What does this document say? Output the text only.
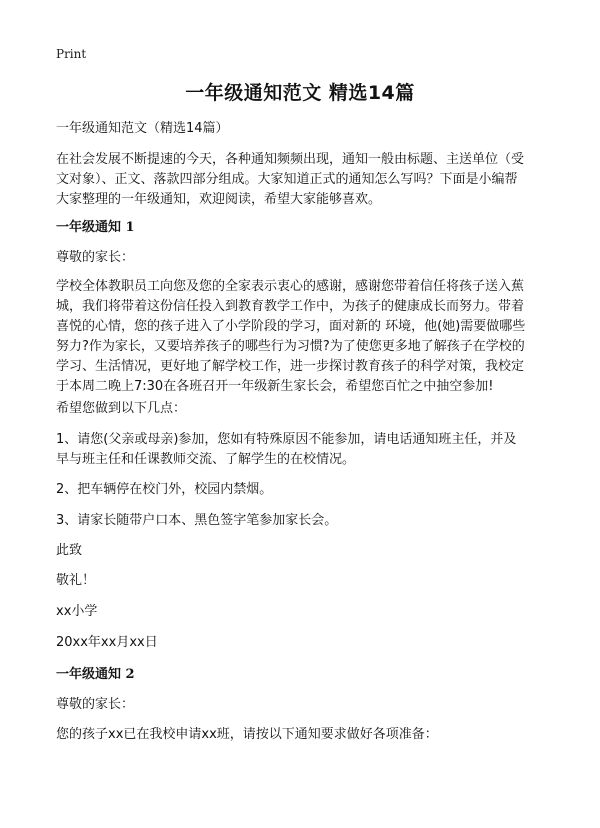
Print
一年级通知范文 精选14篇
一年级通知范文（精选14篇）
在社会发展不断提速的今天，各种通知频频出现，通知一般由标题、主送单位（受
文对象）、正文、落款四部分组成。大家知道正式的通知怎么写吗？下面是小编帮
大家整理的一年级通知，欢迎阅读，希望大家能够喜欢。
一年级通知 1
尊敬的家长：
学校全体教职员工向您及您的全家表示衷心的感谢，感谢您带着信任将孩子送入蕉
城，我们将带着这份信任投入到教育教学工作中，为孩子的健康成长而努力。带着
喜悦的心情，您的孩子进入了小学阶段的学习，面对新的 环境，他(她)需要做哪些
努力?作为家长，又要培养孩子的哪些行为习惯?为了使您更多地了解孩子在学校的
学习、生活情况，更好地了解学校工作，进一步探讨教育孩子的科学对策，我校定
于本周二晚上7:30在各班召开一年级新生家长会，希望您百忙之中抽空参加!
希望您做到以下几点：
1、请您(父亲或母亲)参加，您如有特殊原因不能参加，请电话通知班主任，并及
早与班主任和任课教师交流、了解学生的在校情况。
2、把车辆停在校门外，校园内禁烟。
3、请家长随带户口本、黑色签字笔参加家长会。
此致
敬礼！
xx小学
20xx年xx月xx日
一年级通知 2
尊敬的家长：
您的孩子xx已在我校申请xx班，请按以下通知要求做好各项准备：
